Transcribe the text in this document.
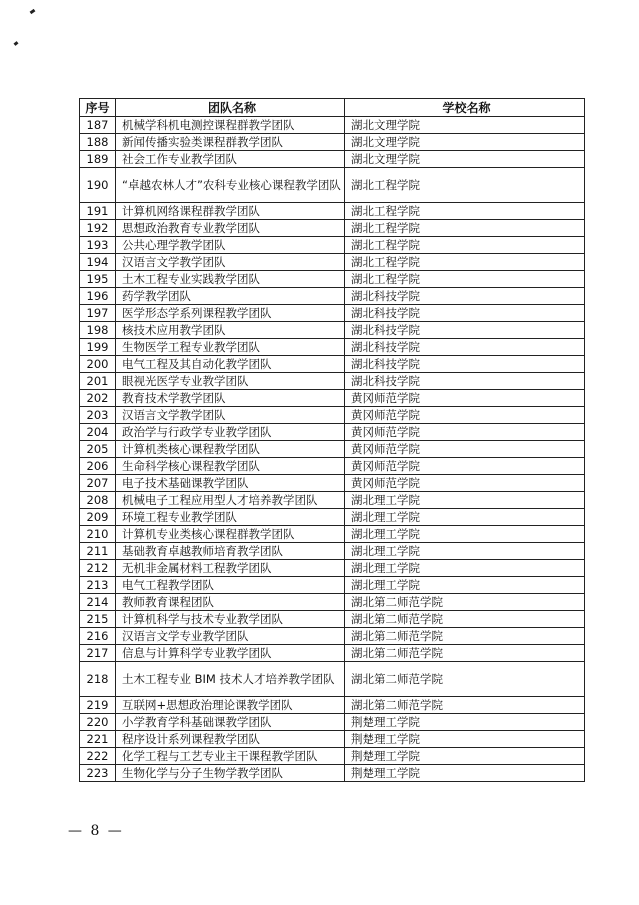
序号	团队名称	学校名称
187	机械学科机电测控课程群教学团队	湖北文理学院
188	新闻传播实验类课程群教学团队	湖北文理学院
189	社会工作专业教学团队	湖北文理学院
190	“卓越农林人才”农科专业核心课程教学团队	湖北工程学院
191	计算机网络课程群教学团队	湖北工程学院
192	思想政治教育专业教学团队	湖北工程学院
193	公共心理学教学团队	湖北工程学院
194	汉语言文学教学团队	湖北工程学院
195	土木工程专业实践教学团队	湖北工程学院
196	药学教学团队	湖北科技学院
197	医学形态学系列课程教学团队	湖北科技学院
198	核技术应用教学团队	湖北科技学院
199	生物医学工程专业教学团队	湖北科技学院
200	电气工程及其自动化教学团队	湖北科技学院
201	眼视光医学专业教学团队	湖北科技学院
202	教育技术学教学团队	黄冈师范学院
203	汉语言文学教学团队	黄冈师范学院
204	政治学与行政学专业教学团队	黄冈师范学院
205	计算机类核心课程教学团队	黄冈师范学院
206	生命科学核心课程教学团队	黄冈师范学院
207	电子技术基础课教学团队	黄冈师范学院
208	机械电子工程应用型人才培养教学团队	湖北理工学院
209	环境工程专业教学团队	湖北理工学院
210	计算机专业类核心课程群教学团队	湖北理工学院
211	基础教育卓越教师培育教学团队	湖北理工学院
212	无机非金属材料工程教学团队	湖北理工学院
213	电气工程教学团队	湖北理工学院
214	教师教育课程团队	湖北第二师范学院
215	计算机科学与技术专业教学团队	湖北第二师范学院
216	汉语言文学专业教学团队	湖北第二师范学院
217	信息与计算科学专业教学团队	湖北第二师范学院
218	土木工程专业 BIM 技术人才培养教学团队	湖北第二师范学院
219	互联网+思想政治理论课教学团队	湖北第二师范学院
220	小学教育学科基础课教学团队	荆楚理工学院
221	程序设计系列课程教学团队	荆楚理工学院
222	化学工程与工艺专业主干课程教学团队	荆楚理工学院
223	生物化学与分子生物学教学团队	荆楚理工学院
— 8 —
